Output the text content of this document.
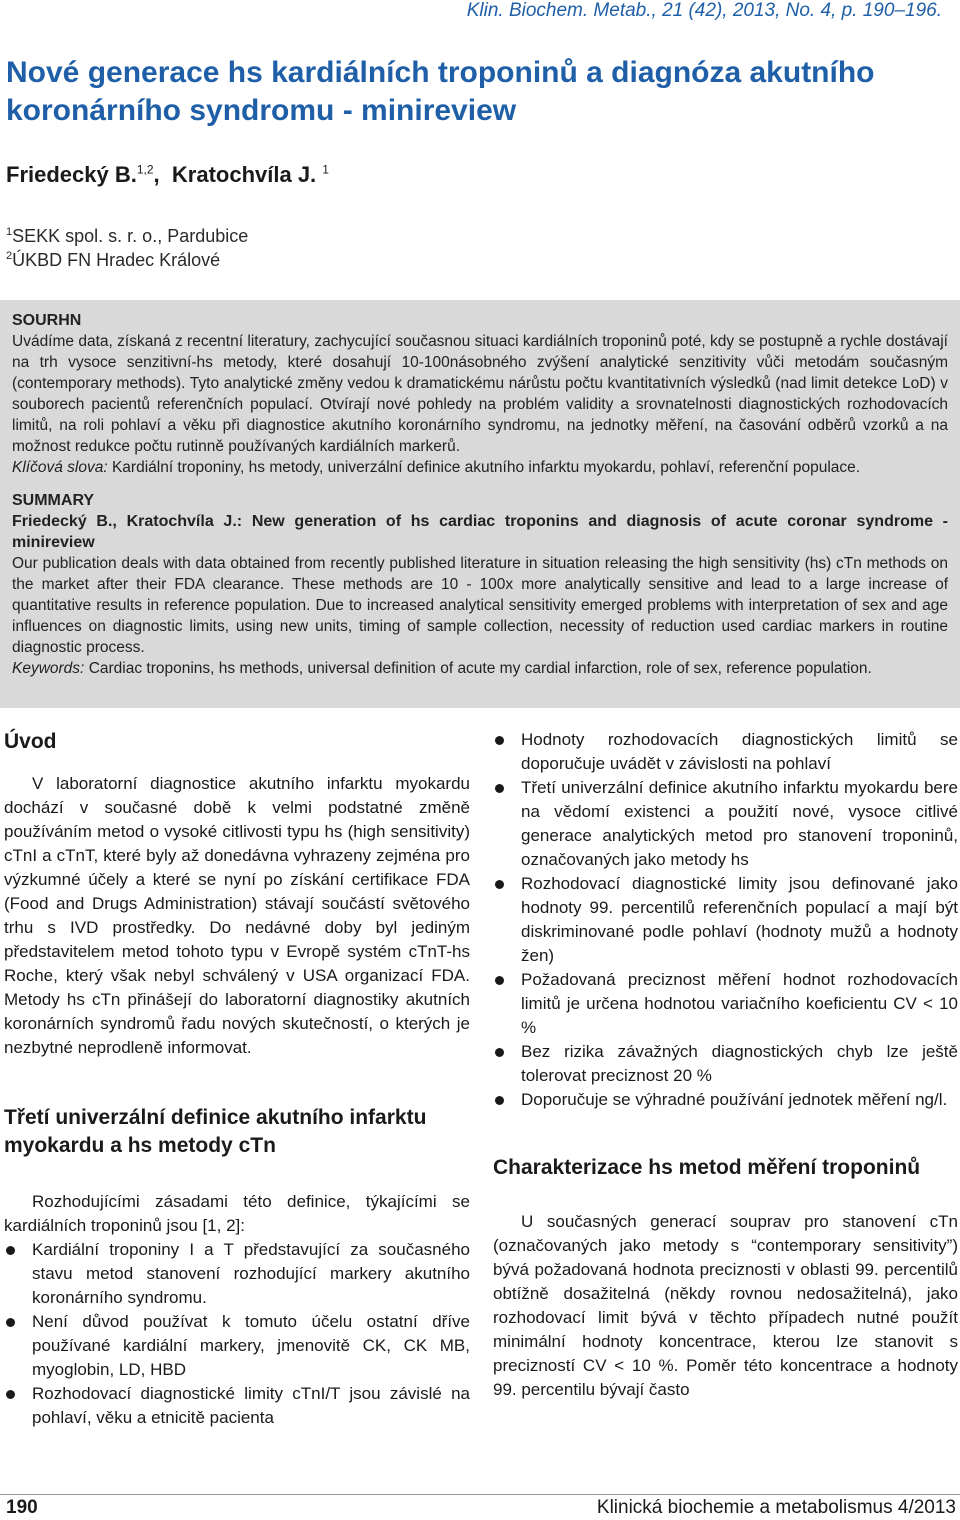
Klin. Biochem. Metab., 21 (42), 2013, No. 4, p. 190–196.
Nové generace hs kardiálních troponinů a diagnóza akutního koronárního syndromu - minireview
Friedecký B.$^{1,2}$, Kratochvíla J. $^1$
$^1$SEKK spol. s. r. o., Pardubice
$^2$ÚKBD FN Hradec Králové
SOURHN

Uvádíme data, získaná z recentní literatury, zachycující současnou situaci kardiálních troponinů poté, kdy se postupně a rychle dostávají na trh vysoce senzitivní-hs metody, které dosahují 10-100násobného zvýšení analytické senzitivity vůči metodám současným (contemporary methods). Tyto analytické změny vedou k dramatickému nárůstu počtu kvantitativních výsledků (nad limit detekce LoD) v souborech pacientů referenčních populací. Otvírají nové pohledy na problém validity a srovnatelnosti diagnostických rozhodovacích limitů, na roli pohlaví a věku při diagnostice akutního koronárního syndromu, na jednotky měření, na časování odběrů vzorků a na možnost redukce počtu rutinně používaných kardiálních markerů.

Klíčová slova: Kardiální troponiny, hs metody, univerzální definice akutního infarktu myokardu, pohlaví, referenční populace.

SUMMARY

Friedecký B., Kratochvíla J.: New generation of hs cardiac troponins and diagnosis of acute coronar syndrome - minireview

Our publication deals with data obtained from recently published literature in situation releasing the high sensitivity (hs) cTn methods on the market after their FDA clearance. These methods are 10 - 100x more analytically sensitive and lead to a large increase of quantitative results in reference population. Due to increased analytical sensitivity emerged problems with interpretation of sex and age influences on diagnostic limits, using new units, timing of sample collection, necessity of reduction used cardiac markers in routine diagnostic process.

Keywords: Cardiac troponins, hs methods, universal definition of acute my cardial infarction, role of sex, reference population.

Úvod

V laboratorní diagnostice akutního infarktu myokardu dochází v současné době k velmi podstatné změně používáním metod o vysoké citlivosti typu hs (high sensitivity) cTnI a cTnT, které byly až donedávna vyhrazeny zejména pro výzkumné účely a které se nyní po získání certifikace FDA (Food and Drugs Administration) stávají součástí světového trhu s IVD prostředky. Do nedávné doby byl jediným představitelem metod tohoto typu v Evropě systém cTnT-hs Roche, který však nebyl schválený v USA organizací FDA. Metody hs cTn přinášejí do laboratorní diagnostiky akutních koronárních syndromů řadu nových skutečností, o kterých je nezbytné neprodleně informovat.

Třetí univerzální definice akutního infarktu myokardu a hs metody cTn

Rozhodujícími zásadami této definice, týkajícími se kardiálních troponinů jsou [1, 2]:

Kardiální troponiny I a T představující za současného stavu metod stanovení rozhodující markery akutního koronárního syndromu.
Není důvod používat k tomuto účelu ostatní dříve používané kardiální markery, jmenovitě CK, CK MB, myoglobin, LD, HBD
Rozhodovací diagnostické limity cTnI/T jsou závislé na pohlaví, věku a etnicitě pacienta
Hodnoty rozhodovacích diagnostických limitů se doporučuje uvádět v závislosti na pohlaví
Třetí univerzální definice akutního infarktu myokardu bere na vědomí existenci a použití nové, vysoce citlivé generace analytických metod pro stanovení troponinů, označovaných jako metody hs
Rozhodovací diagnostické limity jsou definované jako hodnoty 99. percentilů referenčních populací a mají být diskriminované podle pohlaví (hodnoty mužů a hodnoty žen)
Požadovaná preciznost měření hodnot rozhodovacích limitů je určena hodnotou variačního koeficientu CV < 10 %
Bez rizika závažných diagnostických chyb lze ještě tolerovat preciznost 20 %
Doporučuje se výhradné používání jednotek měření ng/l.
Charakterizace hs metod měření troponinů

U současných generací souprav pro stanovení cTn (označovaných jako metody s “contemporary sensitivity”) bývá požadovaná hodnota preciznosti v oblasti 99. percentilů obtížně dosažitelná (někdy rovnou nedosažitelná), jako rozhodovací limit bývá v těchto případech nutné použít minimální hodnoty koncentrace, kterou lze stanovit s precizností CV < 10 %. Poměr této koncentrace a hodnoty 99. percentilu bývají často

190	Klinická biochemie a metabolismus 4/2013
